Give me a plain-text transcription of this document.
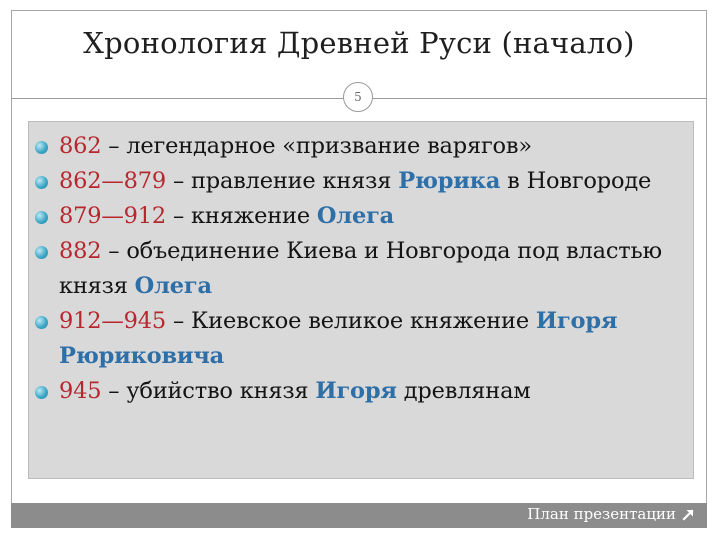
Хронология Древней Руси (начало)
5
862 – легендарное «призвание варягов»
862—879 – правление князя Рюрика в Новгороде
879—912 – княжение Олега
882 – объединение Киева и Новгорода под властью князя Олега
912—945 – Киевское великое княжение Игоря Рюриковича
945 – убийство князя Игоря древлянам
План презентации
